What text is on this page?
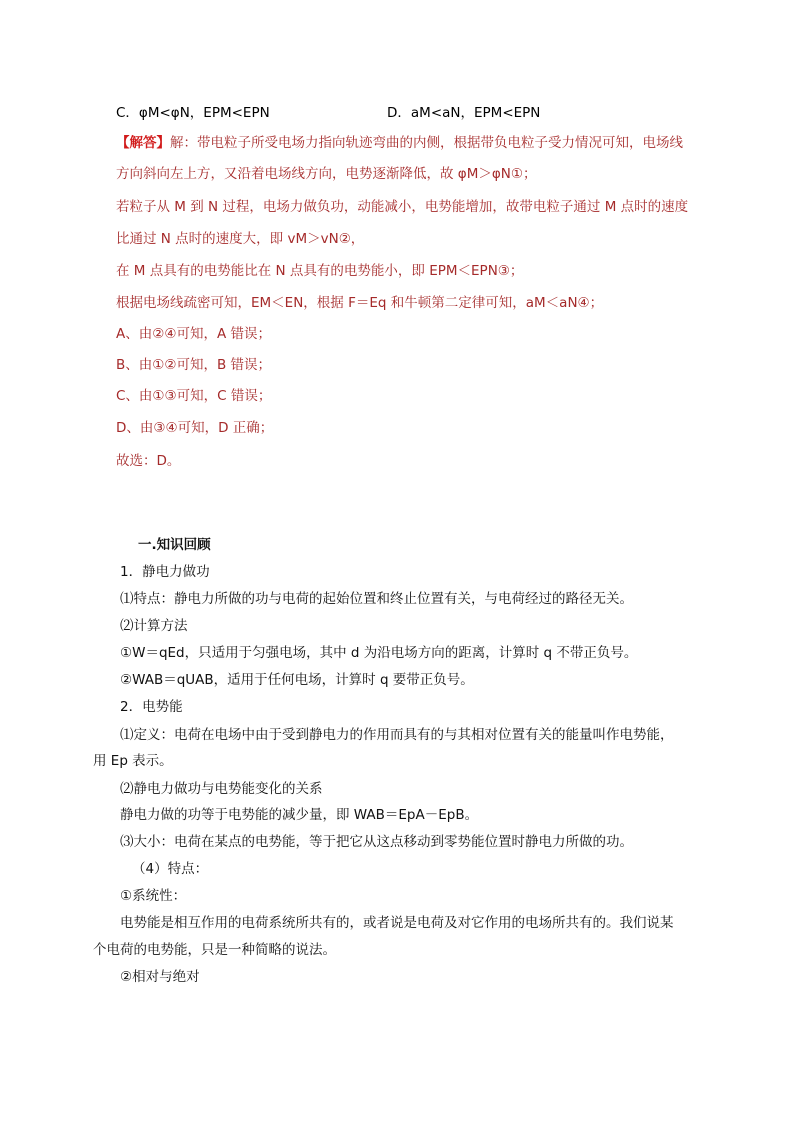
C．φM<φN，EPM<EPN	D．aM<aN，EPM<EPN
【解答】解：带电粒子所受电场力指向轨迹弯曲的内侧，根据带负电粒子受力情况可知，电场线
方向斜向左上方，又沿着电场线方向，电势逐渐降低，故 φM＞φN①；
若粒子从 M 到 N 过程，电场力做负功，动能减小，电势能增加，故带电粒子通过 M 点时的速度
比通过 N 点时的速度大，即 vM＞vN②，
在 M 点具有的电势能比在 N 点具有的电势能小，即 EPM＜EPN③；
根据电场线疏密可知，EM＜EN，根据 F＝Eq 和牛顿第二定律可知，aM＜aN④；
A、由②④可知，A 错误；
B、由①②可知，B 错误；
C、由①③可知，C 错误；
D、由③④可知，D 正确；
故选：D。
一.知识回顾
1．静电力做功
⑴特点：静电力所做的功与电荷的起始位置和终止位置有关，与电荷经过的路径无关。
⑵计算方法
①W＝qEd，只适用于匀强电场，其中 d 为沿电场方向的距离，计算时 q 不带正负号。
②WAB＝qUAB，适用于任何电场，计算时 q 要带正负号。
2．电势能
⑴定义：电荷在电场中由于受到静电力的作用而具有的与其相对位置有关的能量叫作电势能，
用 Ep 表示。
⑵静电力做功与电势能变化的关系
静电力做的功等于电势能的减少量，即 WAB＝EpA－EpB。
⑶大小：电荷在某点的电势能，等于把它从这点移动到零势能位置时静电力所做的功。
（4）特点：
①系统性：
电势能是相互作用的电荷系统所共有的，或者说是电荷及对它作用的电场所共有的。我们说某
个电荷的电势能，只是一种简略的说法。
②相对与绝对
